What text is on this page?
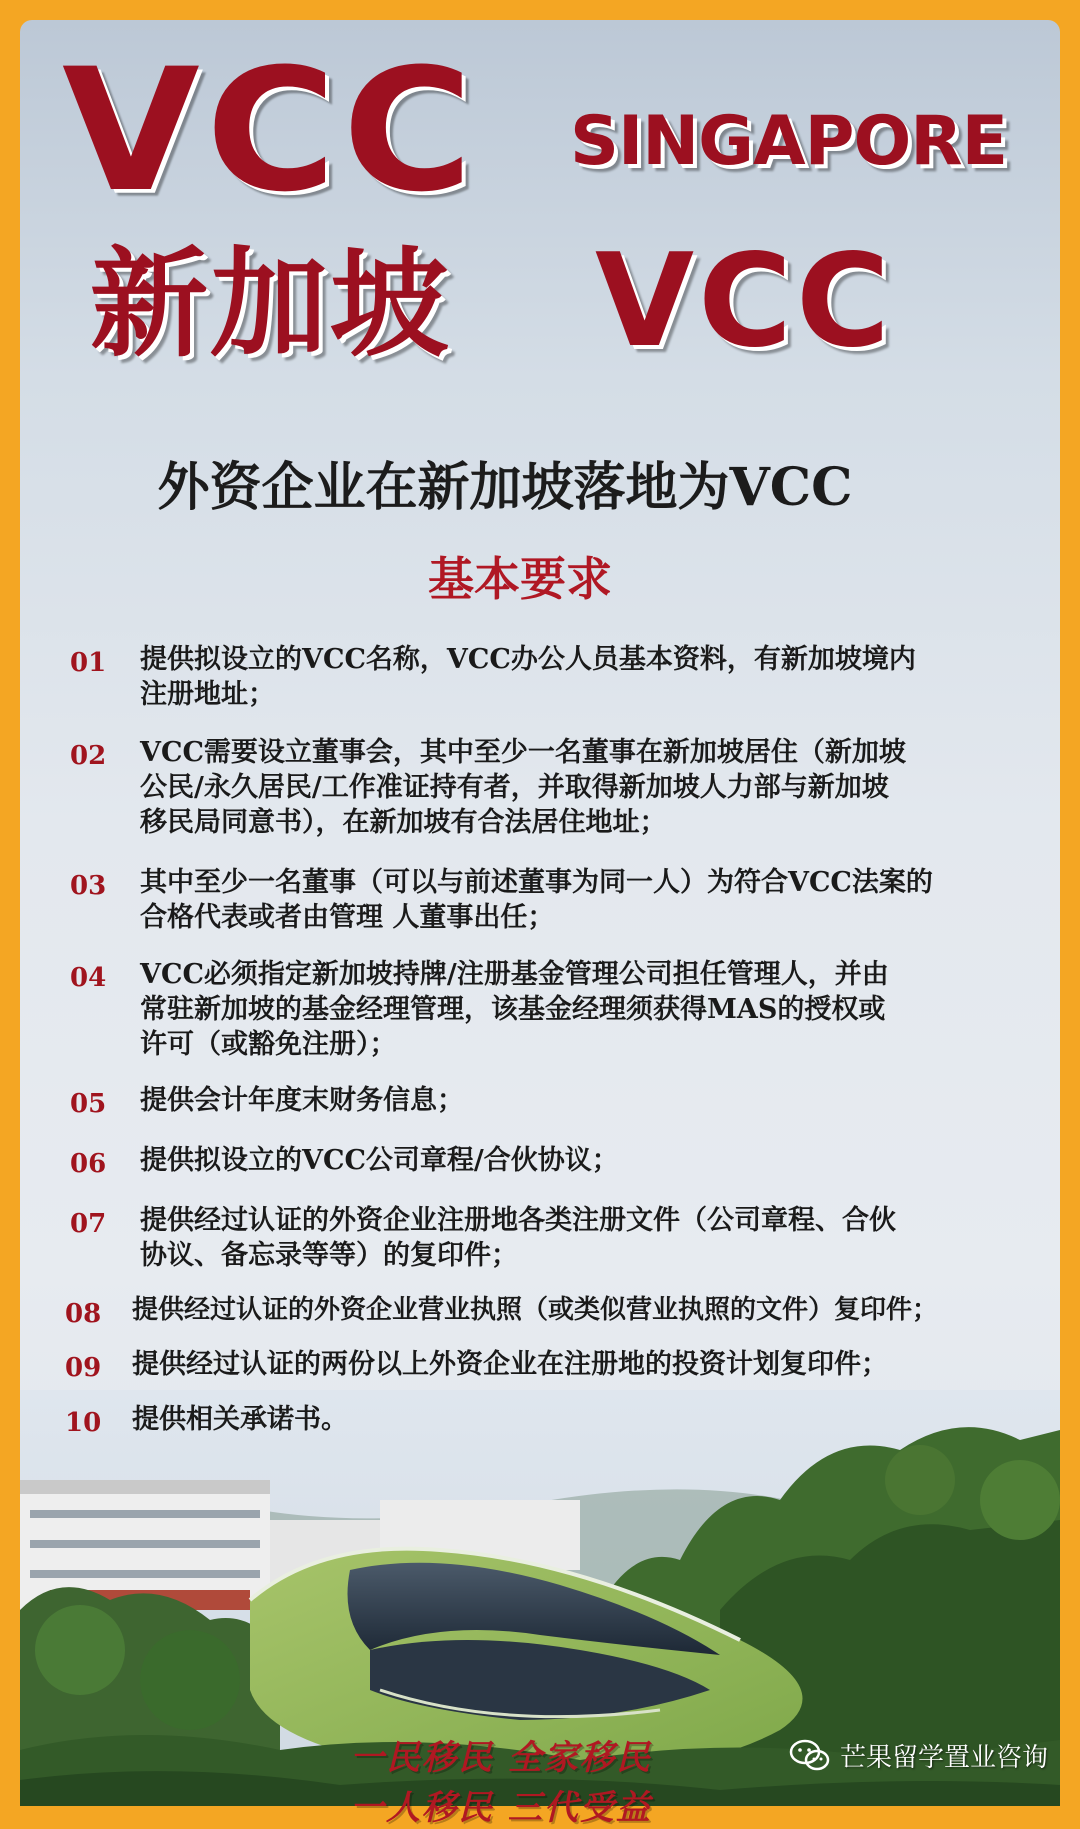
VCC SINGAPORE
新加坡 VCC
外资企业在新加坡落地为VCC
基本要求
01	提供拟设立的VCC名称，VCC办公人员基本资料，有新加坡境内
注册地址；
02	VCC需要设立董事会，其中至少一名董事在新加坡居住（新加坡
公民/永久居民/工作准证持有者，并取得新加坡人力部与新加坡
移民局同意书），在新加坡有合法居住地址；
03	其中至少一名董事（可以与前述董事为同一人）为符合VCC法案的
合格代表或者由管理 人董事出任；
04	VCC必须指定新加坡持牌/注册基金管理公司担任管理人，并由
常驻新加坡的基金经理管理，该基金经理须获得MAS的授权或
许可（或豁免注册）；
05	提供会计年度末财务信息；
06	提供拟设立的VCC公司章程/合伙协议；
07	提供经过认证的外资企业注册地各类注册文件（公司章程、合伙
协议、备忘录等等）的复印件；
08	提供经过认证的外资企业营业执照（或类似营业执照的文件）复印件；
09	提供经过认证的两份以上外资企业在注册地的投资计划复印件；
一民移民 全家移民
一人移民 三代受益
芒果留学置业咨询
10	提供相关承诺书。
